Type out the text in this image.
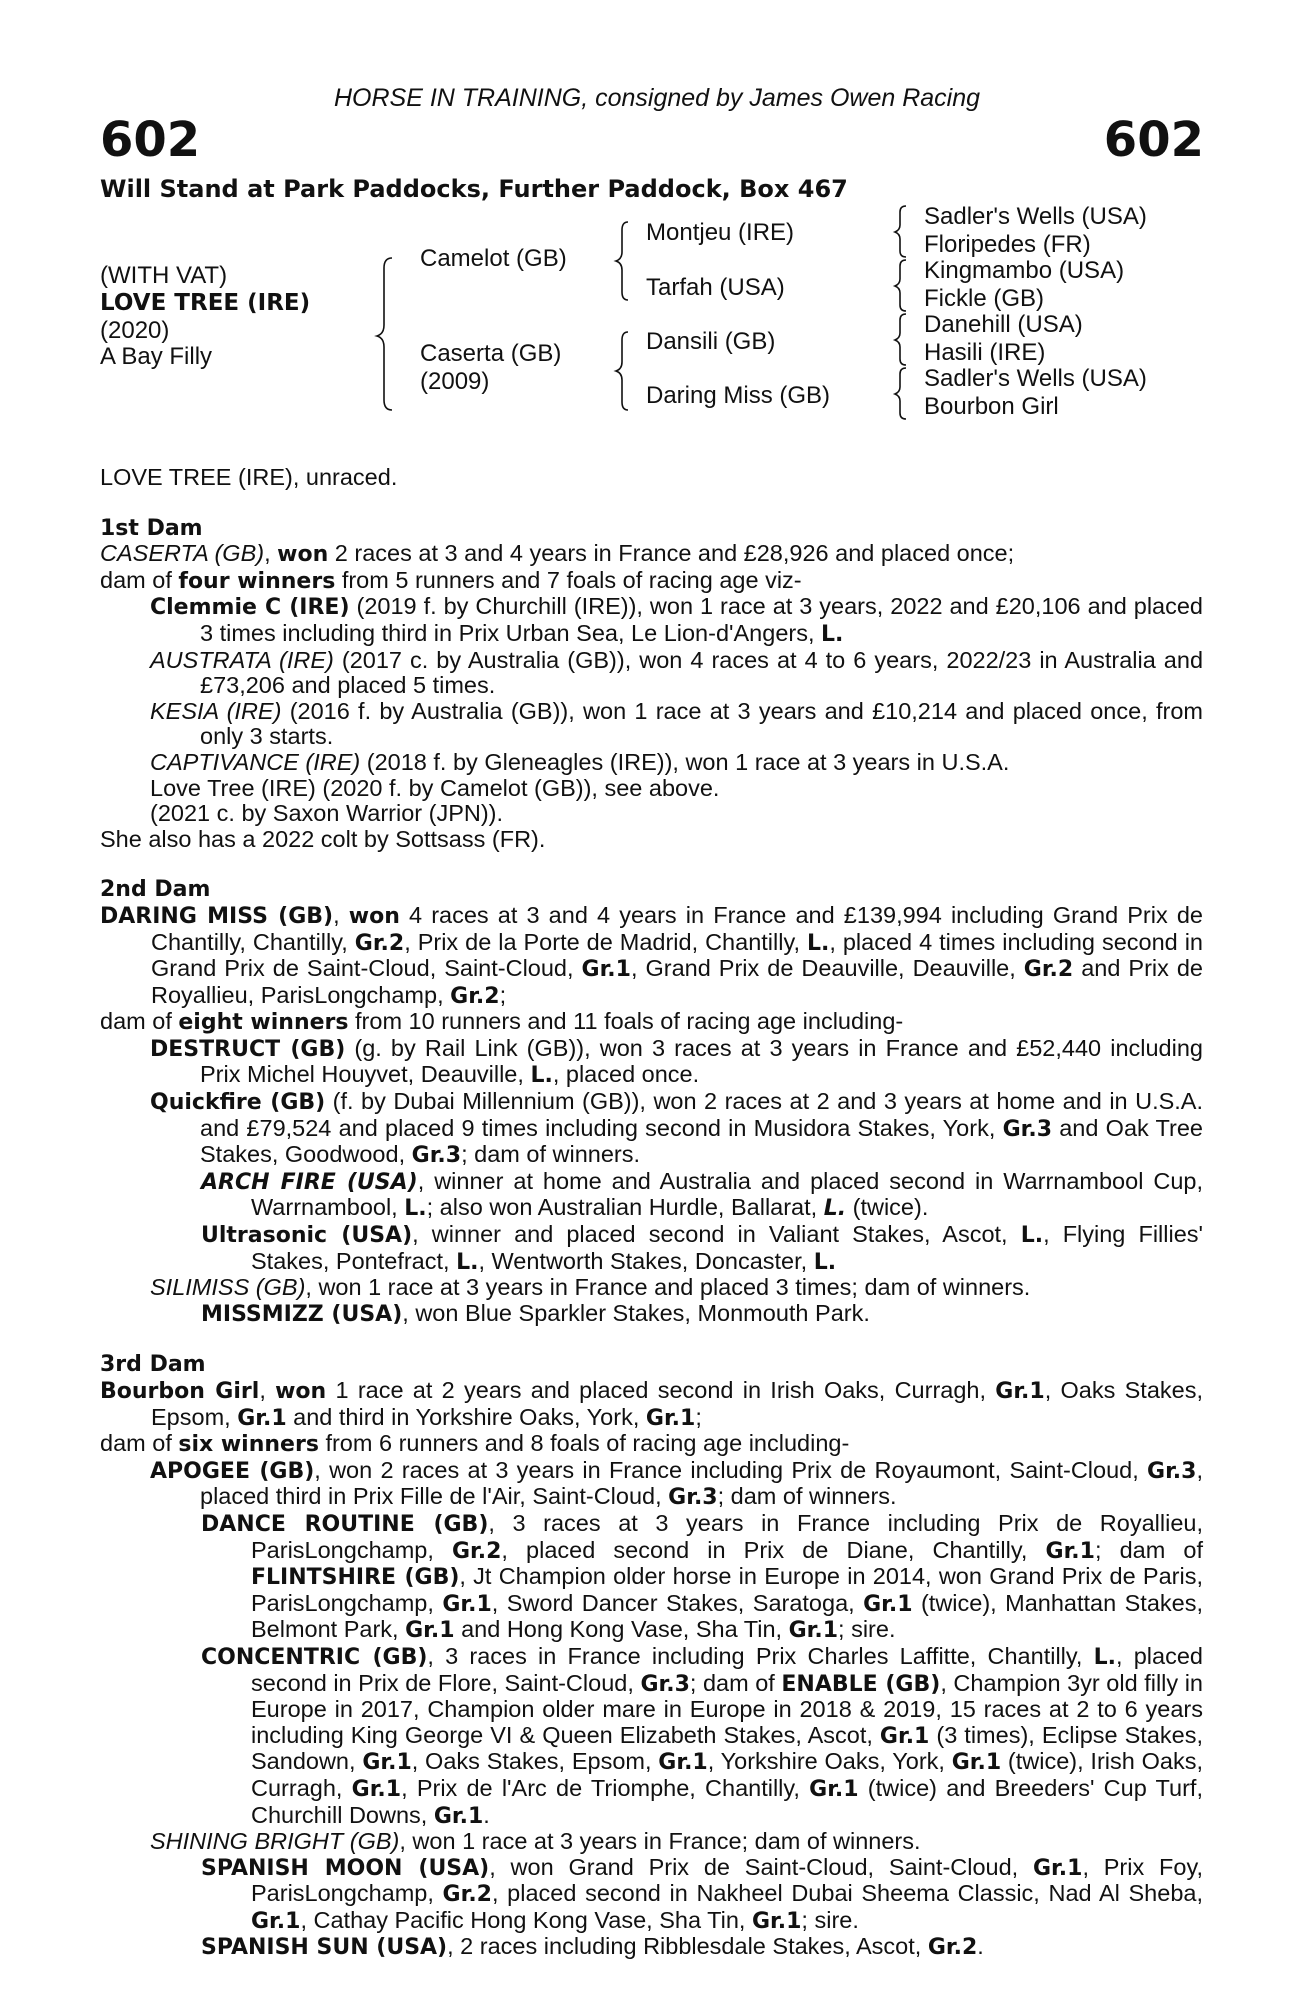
HORSE IN TRAINING, consigned by James Owen Racing
602	602
Will Stand at Park Paddocks, Further Paddock, Box 467
(WITH VAT)
LOVE TREE (IRE)
(2020)
A Bay Filly
Camelot (GB)
Caserta (GB)
(2009)
Montjeu (IRE)
Tarfah (USA)
Dansili (GB)
Daring Miss (GB)
Sadler's Wells (USA)
Floripedes (FR)
Kingmambo (USA)
Fickle (GB)
Danehill (USA)
Hasili (IRE)
Sadler's Wells (USA)
Bourbon Girl

LOVE TREE (IRE), unraced.

1st Dam

CASERTA (GB), won 2 races at 3 and 4 years in France and £28,926 and placed once;

dam of four winners from 5 runners and 7 foals of racing age viz-

Clemmie C (IRE) (2019 f. by Churchill (IRE)), won 1 race at 3 years, 2022 and £20,106 and placed 3 times including third in Prix Urban Sea, Le Lion-d'Angers, L.

AUSTRATA (IRE) (2017 c. by Australia (GB)), won 4 races at 4 to 6 years, 2022/23 in Australia and £73,206 and placed 5 times.

KESIA (IRE) (2016 f. by Australia (GB)), won 1 race at 3 years and £10,214 and placed once, from only 3 starts.

CAPTIVANCE (IRE) (2018 f. by Gleneagles (IRE)), won 1 race at 3 years in U.S.A.

Love Tree (IRE) (2020 f. by Camelot (GB)), see above.

(2021 c. by Saxon Warrior (JPN)).

She also has a 2022 colt by Sottsass (FR).

2nd Dam

DARING MISS (GB), won 4 races at 3 and 4 years in France and £139,994 including Grand Prix de Chantilly, Chantilly, Gr.2, Prix de la Porte de Madrid, Chantilly, L., placed 4 times including second in Grand Prix de Saint-Cloud, Saint-Cloud, Gr.1, Grand Prix de Deauville, Deauville, Gr.2 and Prix de Royallieu, ParisLongchamp, Gr.2;

dam of eight winners from 10 runners and 11 foals of racing age including-

DESTRUCT (GB) (g. by Rail Link (GB)), won 3 races at 3 years in France and £52,440 including Prix Michel Houyvet, Deauville, L., placed once.

Quickfire (GB) (f. by Dubai Millennium (GB)), won 2 races at 2 and 3 years at home and in U.S.A. and £79,524 and placed 9 times including second in Musidora Stakes, York, Gr.3 and Oak Tree Stakes, Goodwood, Gr.3; dam of winners.

ARCH FIRE (USA), winner at home and Australia and placed second in Warrnambool Cup, Warrnambool, L.; also won Australian Hurdle, Ballarat, L. (twice).

Ultrasonic (USA), winner and placed second in Valiant Stakes, Ascot, L., Flying Fillies' Stakes, Pontefract, L., Wentworth Stakes, Doncaster, L.

SILIMISS (GB), won 1 race at 3 years in France and placed 3 times; dam of winners.

MISSMIZZ (USA), won Blue Sparkler Stakes, Monmouth Park.

3rd Dam

Bourbon Girl, won 1 race at 2 years and placed second in Irish Oaks, Curragh, Gr.1, Oaks Stakes, Epsom, Gr.1 and third in Yorkshire Oaks, York, Gr.1;

dam of six winners from 6 runners and 8 foals of racing age including-

APOGEE (GB), won 2 races at 3 years in France including Prix de Royaumont, Saint-Cloud, Gr.3, placed third in Prix Fille de l'Air, Saint-Cloud, Gr.3; dam of winners.

DANCE ROUTINE (GB), 3 races at 3 years in France including Prix de Royallieu, ParisLongchamp, Gr.2, placed second in Prix de Diane, Chantilly, Gr.1; dam of FLINTSHIRE (GB), Jt Champion older horse in Europe in 2014, won Grand Prix de Paris, ParisLongchamp, Gr.1, Sword Dancer Stakes, Saratoga, Gr.1 (twice), Manhattan Stakes, Belmont Park, Gr.1 and Hong Kong Vase, Sha Tin, Gr.1; sire.

CONCENTRIC (GB), 3 races in France including Prix Charles Laffitte, Chantilly, L., placed second in Prix de Flore, Saint-Cloud, Gr.3; dam of ENABLE (GB), Champion 3yr old filly in Europe in 2017, Champion older mare in Europe in 2018 & 2019, 15 races at 2 to 6 years including King George VI & Queen Elizabeth Stakes, Ascot, Gr.1 (3 times), Eclipse Stakes, Sandown, Gr.1, Oaks Stakes, Epsom, Gr.1, Yorkshire Oaks, York, Gr.1 (twice), Irish Oaks, Curragh, Gr.1, Prix de l'Arc de Triomphe, Chantilly, Gr.1 (twice) and Breeders' Cup Turf, Churchill Downs, Gr.1.

SHINING BRIGHT (GB), won 1 race at 3 years in France; dam of winners.

SPANISH MOON (USA), won Grand Prix de Saint-Cloud, Saint-Cloud, Gr.1, Prix Foy, ParisLongchamp, Gr.2, placed second in Nakheel Dubai Sheema Classic, Nad Al Sheba, Gr.1, Cathay Pacific Hong Kong Vase, Sha Tin, Gr.1; sire.

SPANISH SUN (USA), 2 races including Ribblesdale Stakes, Ascot, Gr.2.
